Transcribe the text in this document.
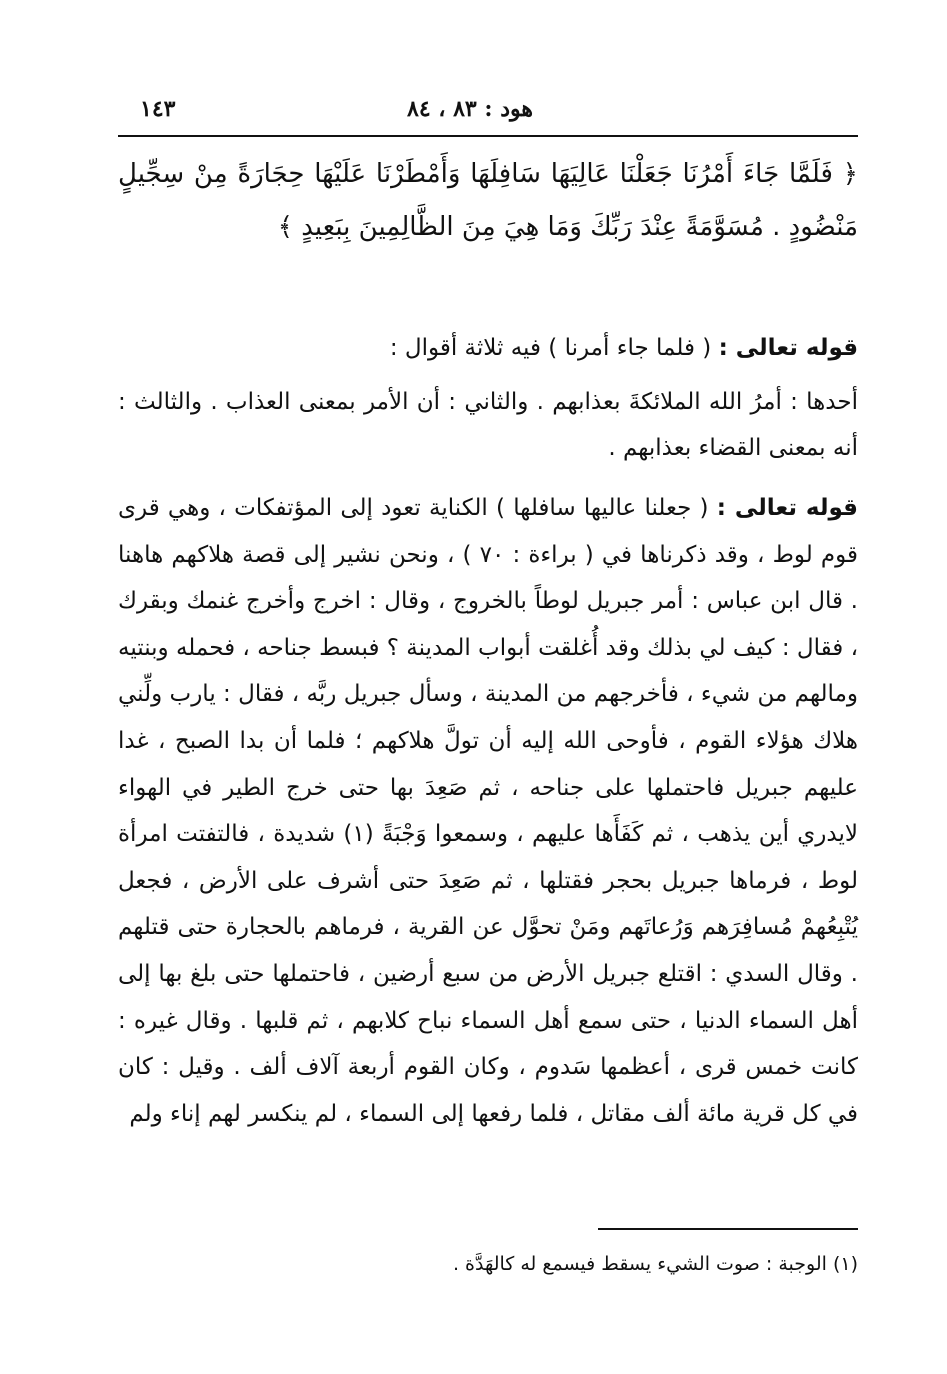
١٤٣	هود : ٨٣ ، ٨٤
﴿ فَلَمَّا جَاءَ أَمْرُنَا جَعَلْنَا عَالِيَهَا سَافِلَهَا وَأَمْطَرْنَا عَلَيْهَا حِجَارَةً مِنْ سِجِّيلٍ مَنْضُودٍ . مُسَوَّمَةً عِنْدَ رَبِّكَ وَمَا هِيَ مِنَ الظَّالِمِينَ بِبَعِيدٍ ﴾

قوله تعالى : ( فلما جاء أمرنا ) فيه ثلاثة أقوال :

أحدها : أمرُ الله الملائكةَ بعذابهم . والثاني : أن الأمر بمعنى العذاب . والثالث : أنه بمعنى القضاء بعذابهم .

قوله تعالى : ( جعلنا عاليها سافلها ) الكناية تعود إلى المؤتفكات ، وهي قرى قوم لوط ، وقد ذكرناها في ( براءة : ٧٠ ) ، ونحن نشير إلى قصة هلاكهم هاهنا . قال ابن عباس : أمر جبريل لوطاً بالخروج ، وقال : اخرج وأخرج غنمك وبقرك ، فقال : كيف لي بذلك وقد أُغلقت أبواب المدينة ؟ فبسط جناحه ، فحمله وبنتيه ومالهم من شيء ، فأخرجهم من المدينة ، وسأل جبريل ربَّه ، فقال : يارب ولِّني هلاك هؤلاء القوم ، فأوحى الله إليه أن تولَّ هلاكهم ؛ فلما أن بدا الصبح ، غدا عليهم جبريل فاحتملها على جناحه ، ثم صَعِدَ بها حتى خرج الطير في الهواء لايدري أين يذهب ، ثم كَفَأَها عليهم ، وسمعوا وَجْبَةً (١) شديدة ، فالتفتت امرأة لوط ، فرماها جبريل بحجر فقتلها ، ثم صَعِدَ حتى أشرف على الأرض ، فجعل يُتْبِعُهمْ مُسافِرَهم وَرُعاتَهم ومَنْ تحوَّل عن القرية ، فرماهم بالحجارة حتى قتلهم . وقال السدي : اقتلع جبريل الأرض من سبع أرضين ، فاحتملها حتى بلغ بها إلى أهل السماء الدنيا ، حتى سمع أهل السماء نباح كلابهم ، ثم قلبها . وقال غيره : كانت خمس قرى ، أعظمها سَدوم ، وكان القوم أربعة آلاف ألف . وقيل : كان في كل قرية مائة ألف مقاتل ، فلما رفعها إلى السماء ، لم ينكسر لهم إناء ولم

(١) الوجبة : صوت الشيء يسقط فيسمع له كالهَدَّة .
